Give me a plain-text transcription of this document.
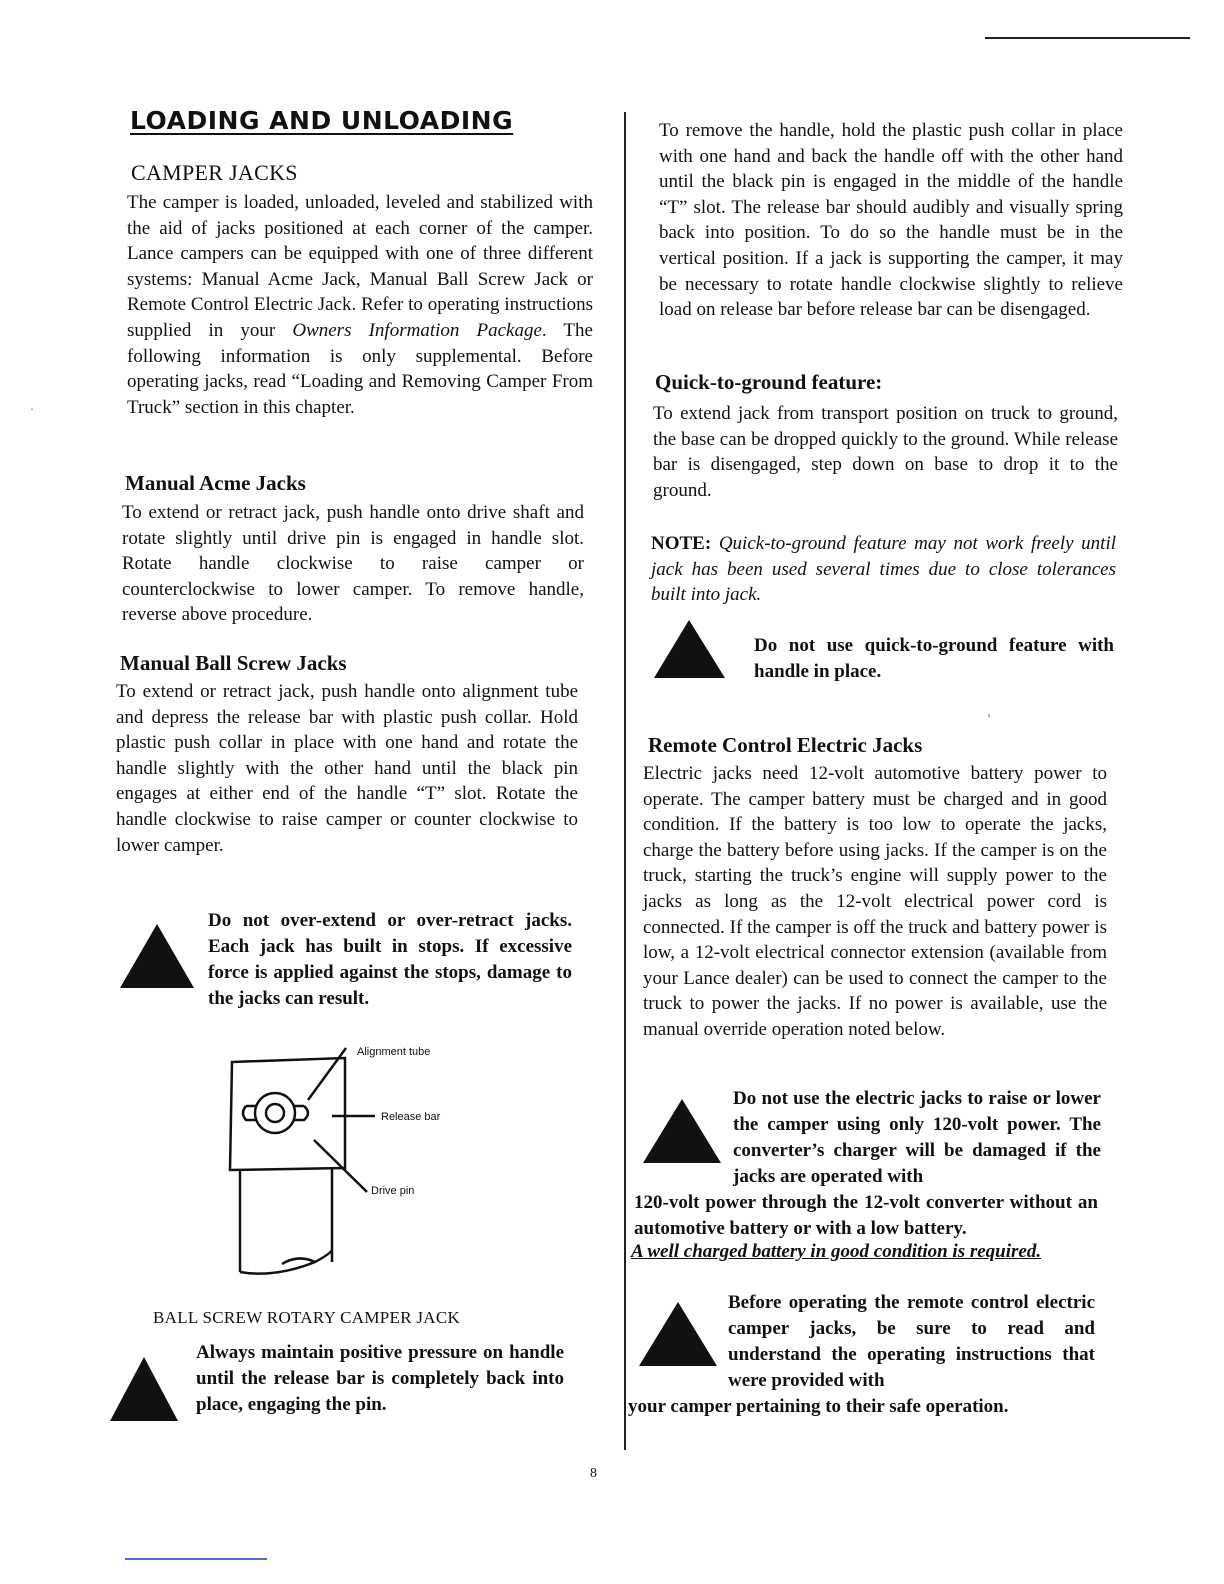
LOADING AND UNLOADING
CAMPER JACKS

The camper is loaded, unloaded, leveled and stabilized with the aid of jacks positioned at each corner of the camper. Lance campers can be equipped with one of three different systems: Manual Acme Jack, Manual Ball Screw Jack or Remote Control Electric Jack. Refer to operating instructions supplied in your Owners Information Package. The following information is only supplemental. Before operating jacks, read “Loading and Removing Camper From Truck” section in this chapter.

Manual Acme Jacks

To extend or retract jack, push handle onto drive shaft and rotate slightly until drive pin is engaged in handle slot. Rotate handle clockwise to raise camper or counterclockwise to lower camper. To remove handle, reverse above procedure.

Manual Ball Screw Jacks

To extend or retract jack, push handle onto alignment tube and depress the release bar with plastic push collar. Hold plastic push collar in place with one hand and rotate the handle slightly with the other hand until the black pin engages at either end of the handle “T” slot. Rotate the handle clockwise to raise camper or counter clockwise to lower camper.

Do not over-extend or over-retract jacks. Each jack has built in stops. If excessive force is applied against the stops, damage to the jacks can result.

Alignment tube
Release bar
Drive pin

BALL SCREW ROTARY CAMPER JACK

Always maintain positive pressure on handle until the release bar is completely back into place, engaging the pin.

·

To remove the handle, hold the plastic push collar in place with one hand and back the handle off with the other hand until the black pin is engaged in the middle of the handle “T” slot. The release bar should audibly and visually spring back into position. To do so the handle must be in the vertical position. If a jack is supporting the camper, it may be necessary to rotate handle clockwise slightly to relieve load on release bar before release bar can be disengaged.

Quick-to-ground feature:

To extend jack from transport position on truck to ground, the base can be dropped quickly to the ground. While release bar is disengaged, step down on base to drop it to the ground.

NOTE: Quick-to-ground feature may not work freely until jack has been used several times due to close tolerances built into jack.

Do not use quick-to-ground feature with handle in place.

'
Remote Control Electric Jacks

Electric jacks need 12-volt automotive battery power to operate. The camper battery must be charged and in good condition. If the battery is too low to operate the jacks, charge the battery before using jacks. If the camper is on the truck, starting the truck’s engine will supply power to the jacks as long as the 12-volt electrical power cord is connected. If the camper is off the truck and battery power is low, a 12-volt electrical connector extension (available from your Lance dealer) can be used to connect the camper to the truck to power the jacks. If no power is available, use the manual override operation noted below.

Do not use the electric jacks to raise or lower the camper using only 120-volt power. The converter’s charger will be damaged if the jacks are operated with

120-volt power through the 12-volt converter without an automotive battery or with a low battery.

A well charged battery in good condition is required.

Before operating the remote control electric camper jacks, be sure to read and understand the operating instructions that were provided with

your camper pertaining to their safe operation.

8
